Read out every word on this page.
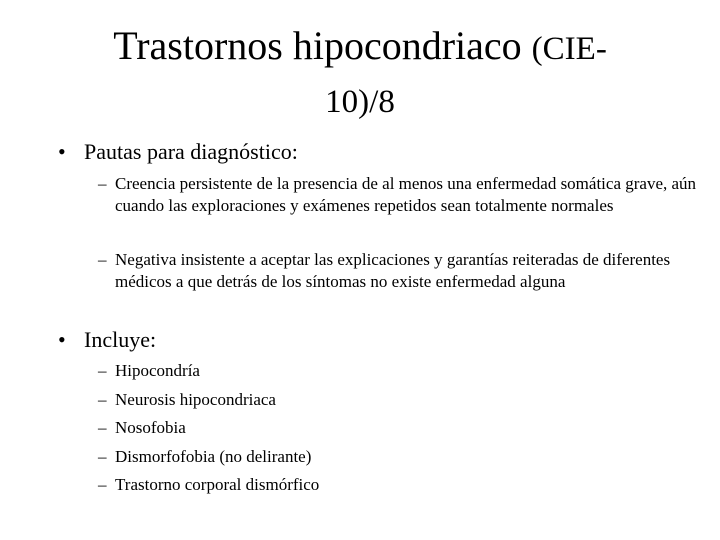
Trastornos hipocondriaco (CIE-
10)/8
• Pautas para diagnóstico:
– Creencia persistente de la presencia de al menos una enfermedad somática grave, aún cuando las exploraciones y exámenes repetidos sean totalmente normales
– Negativa insistente a aceptar las explicaciones y garantías reiteradas de diferentes médicos a que detrás de los síntomas no existe enfermedad alguna
• Incluye:
– Hipocondría
– Neurosis hipocondriaca
– Nosofobia
– Dismorfofobia (no delirante)
– Trastorno corporal dismórfico
